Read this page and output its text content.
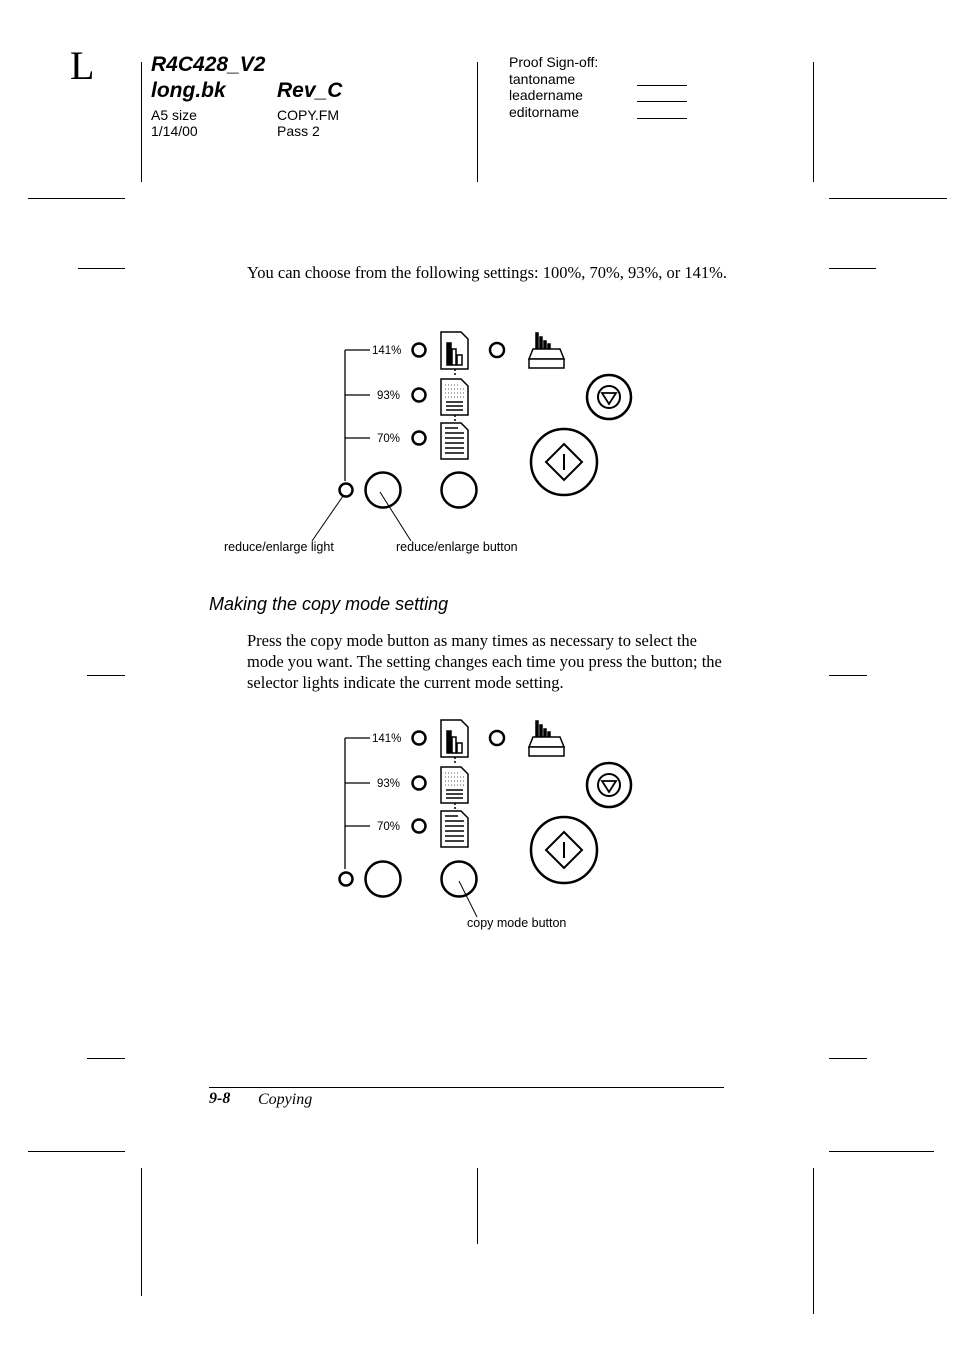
L	R4C428_V2
long.bk Rev_C
A5 size
1/14/00
COPY.FM
Pass 2
Proof Sign-off:
tantoname
leadername
editorname
You can choose from the following settings: 100%, 70%, 93%, or 141%.
141%
93%
70%
reduce/enlarge light	reduce/enlarge button
Making the copy mode setting
Press the copy mode button as many times as necessary to select the mode you want. The setting changes each time you press the button; the selector lights indicate the current mode setting.
141%
93%
70%
copy mode button
9-8 Copying
